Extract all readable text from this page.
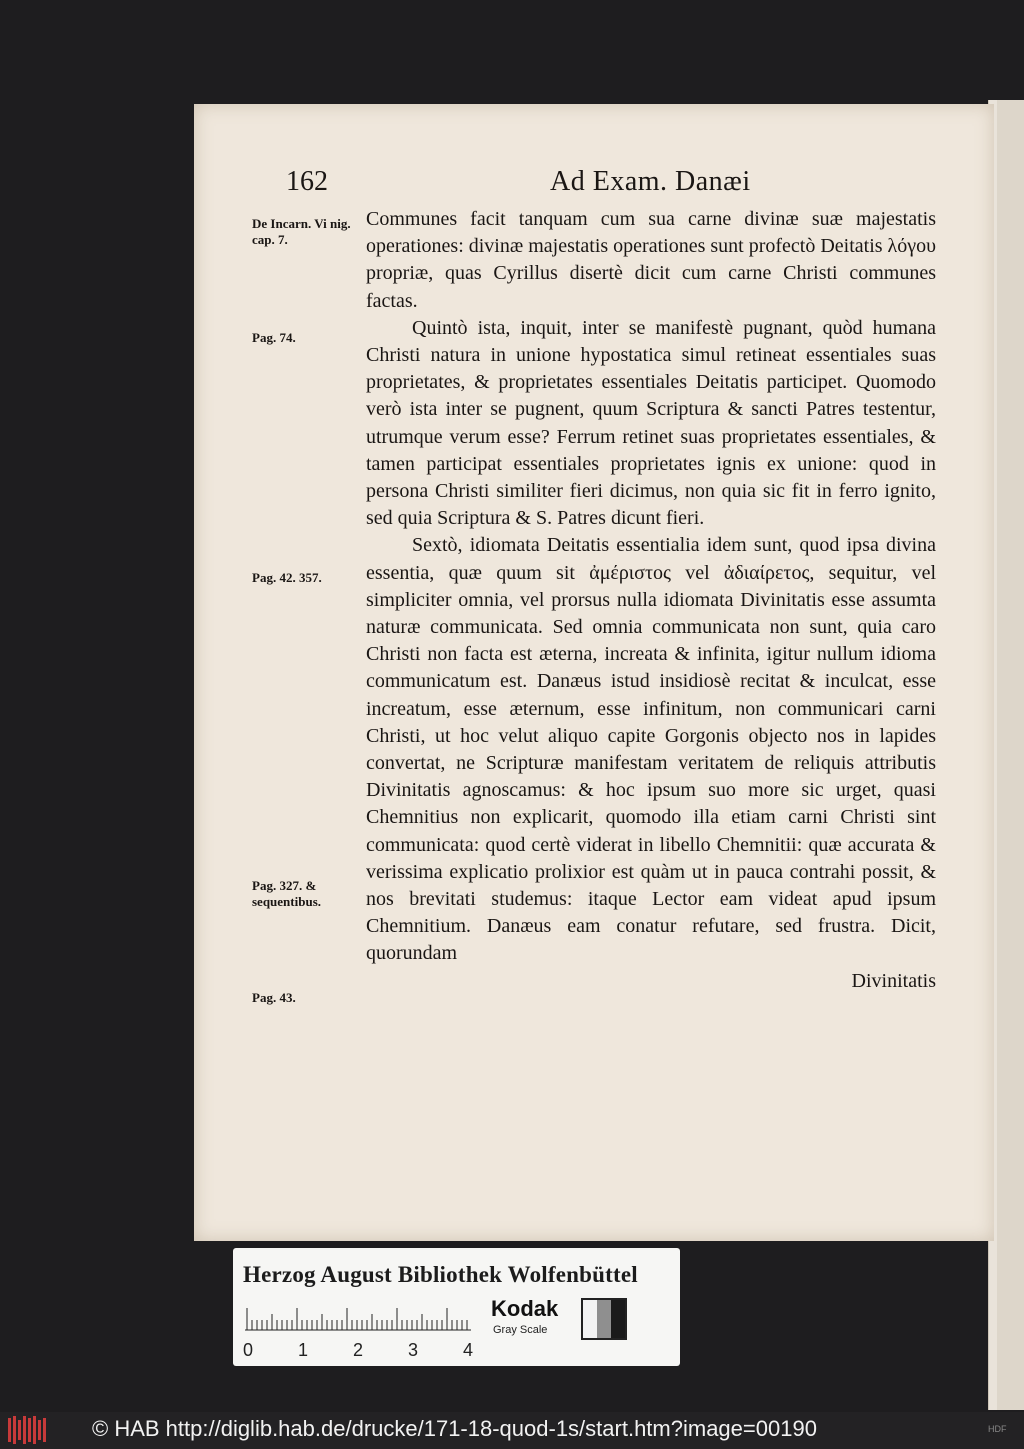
162	Ad Exam. Danæi
De Incarn. Vi nig. cap. 7.
Pag. 74.
Pag. 42. 357.
Pag. 327. & sequentibus.
Pag. 43.

Communes facit tanquam cum sua carne divinæ suæ majestatis operationes: divinæ majestatis operationes sunt profectò Deitatis λόγου propriæ, quas Cyrillus disertè dicit cum carne Christi communes factas.

Quintò ista, inquit, inter se manifestè pugnant, quòd humana Christi natura in unione hypostatica simul retineat essentiales suas proprietates, & proprietates essentiales Deitatis participet. Quomodo verò ista inter se pugnent, quum Scriptura & sancti Patres testentur, utrumque verum esse? Ferrum retinet suas proprietates essentiales, & tamen participat essentiales proprietates ignis ex unione: quod in persona Christi similiter fieri dicimus, non quia sic fit in ferro ignito, sed quia Scriptura & S. Patres dicunt fieri.

Sextò, idiomata Deitatis essentialia idem sunt, quod ipsa divina essentia, quæ quum sit ἀμέριστος vel ἀδιαίρετος, sequitur, vel simpliciter omnia, vel prorsus nulla idiomata Divinitatis esse assumta naturæ communicata. Sed omnia communicata non sunt, quia caro Christi non facta est æterna, increata & infinita, igitur nullum idioma communicatum est. Danæus istud insidiosè recitat & inculcat, esse increatum, esse æternum, esse infinitum, non communicari carni Christi, ut hoc velut aliquo capite Gorgonis objecto nos in lapides convertat, ne Scripturæ manifestam veritatem de reliquis attributis Divinitatis agnoscamus: & hoc ipsum suo more sic urget, quasi Chemnitius non explicarit, quomodo illa etiam carni Christi sint communicata: quod certè viderat in libello Chemnitii: quæ accurata & verissima explicatio prolixior est quàm ut in pauca contrahi possit, & nos brevitati studemus: itaque Lector eam videat apud ipsum Chemnitium. Danæus eam conatur refutare, sed frustra. Dicit, quorundam

Divinitatis
Herzog August Bibliothek Wolfenbüttel
0 1 2 3 4
Kodak
Gray Scale
© HAB http://diglib.hab.de/drucke/171-18-quod-1s/start.htm?image=00190	HDF
